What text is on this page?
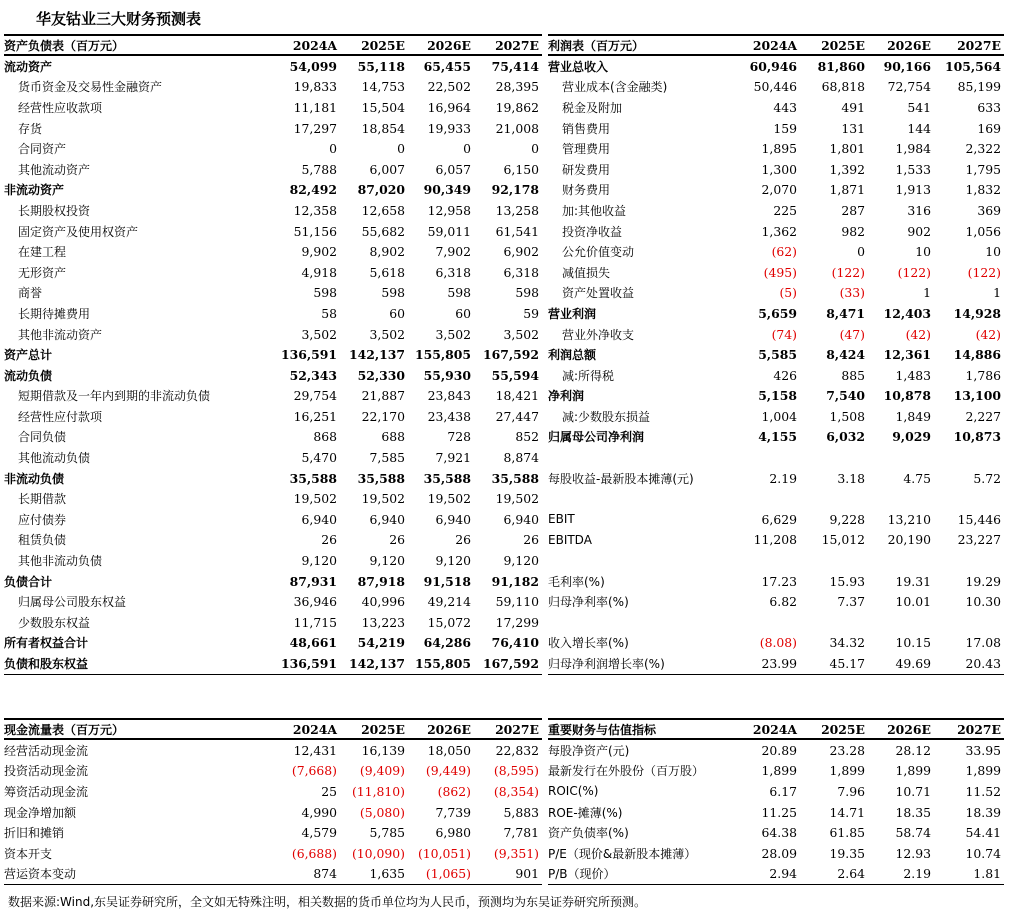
华友钴业三大财务预测表
资产负债表（百万元）	2024A	2025E	2026E	2027E
流动资产	54,099	55,118	65,455	75,414
货币资金及交易性金融资产	19,833	14,753	22,502	28,395
经营性应收款项	11,181	15,504	16,964	19,862
存货	17,297	18,854	19,933	21,008
合同资产	0	0	0	0
其他流动资产	5,788	6,007	6,057	6,150
非流动资产	82,492	87,020	90,349	92,178
长期股权投资	12,358	12,658	12,958	13,258
固定资产及使用权资产	51,156	55,682	59,011	61,541
在建工程	9,902	8,902	7,902	6,902
无形资产	4,918	5,618	6,318	6,318
商誉	598	598	598	598
长期待摊费用	58	60	60	59
其他非流动资产	3,502	3,502	3,502	3,502
资产总计	136,591	142,137	155,805	167,592
流动负债	52,343	52,330	55,930	55,594
短期借款及一年内到期的非流动负债	29,754	21,887	23,843	18,421
经营性应付款项	16,251	22,170	23,438	27,447
合同负债	868	688	728	852
其他流动负债	5,470	7,585	7,921	8,874
非流动负债	35,588	35,588	35,588	35,588
长期借款	19,502	19,502	19,502	19,502
应付债券	6,940	6,940	6,940	6,940
租赁负债	26	26	26	26
其他非流动负债	9,120	9,120	9,120	9,120
负债合计	87,931	87,918	91,518	91,182
归属母公司股东权益	36,946	40,996	49,214	59,110
少数股东权益	11,715	13,223	15,072	17,299
所有者权益合计	48,661	54,219	64,286	76,410
负债和股东权益	136,591	142,137	155,805	167,592
利润表（百万元）	2024A	2025E	2026E	2027E
营业总收入	60,946	81,860	90,166	105,564
营业成本(含金融类)	50,446	68,818	72,754	85,199
税金及附加	443	491	541	633
销售费用	159	131	144	169
管理费用	1,895	1,801	1,984	2,322
研发费用	1,300	1,392	1,533	1,795
财务费用	2,070	1,871	1,913	1,832
加:其他收益	225	287	316	369
投资净收益	1,362	982	902	1,056
公允价值变动	(62)	0	10	10
减值损失	(495)	(122)	(122)	(122)
资产处置收益	(5)	(33)	1	1
营业利润	5,659	8,471	12,403	14,928
营业外净收支	(74)	(47)	(42)	(42)
利润总额	5,585	8,424	12,361	14,886
减:所得税	426	885	1,483	1,786
净利润	5,158	7,540	10,878	13,100
减:少数股东损益	1,004	1,508	1,849	2,227
归属母公司净利润	4,155	6,032	9,029	10,873

每股收益-最新股本摊薄(元)	2.19	3.18	4.75	5.72

EBIT	6,629	9,228	13,210	15,446
EBITDA	11,208	15,012	20,190	23,227

毛利率(%)	17.23	15.93	19.31	19.29
归母净利率(%)	6.82	7.37	10.01	10.30

收入增长率(%)	(8.08)	34.32	10.15	17.08
归母净利润增长率(%)	23.99	45.17	49.69	20.43
现金流量表（百万元）	2024A	2025E	2026E	2027E
经营活动现金流	12,431	16,139	18,050	22,832
投资活动现金流	(7,668)	(9,409)	(9,449)	(8,595)
筹资活动现金流	25	(11,810)	(862)	(8,354)
现金净增加额	4,990	(5,080)	7,739	5,883
折旧和摊销	4,579	5,785	6,980	7,781
资本开支	(6,688)	(10,090)	(10,051)	(9,351)
营运资本变动	874	1,635	(1,065)	901
重要财务与估值指标	2024A	2025E	2026E	2027E
每股净资产(元)	20.89	23.28	28.12	33.95
最新发行在外股份（百万股）	1,899	1,899	1,899	1,899
ROIC(%)	6.17	7.96	10.71	11.52
ROE-摊薄(%)	11.25	14.71	18.35	18.39
资产负债率(%)	64.38	61.85	58.74	54.41
P/E（现价&最新股本摊薄）	28.09	19.35	12.93	10.74
P/B（现价）	2.94	2.64	2.19	1.81
数据来源:Wind,东吴证券研究所，全文如无特殊注明，相关数据的货币单位均为人民币，预测均为东吴证券研究所预测。
